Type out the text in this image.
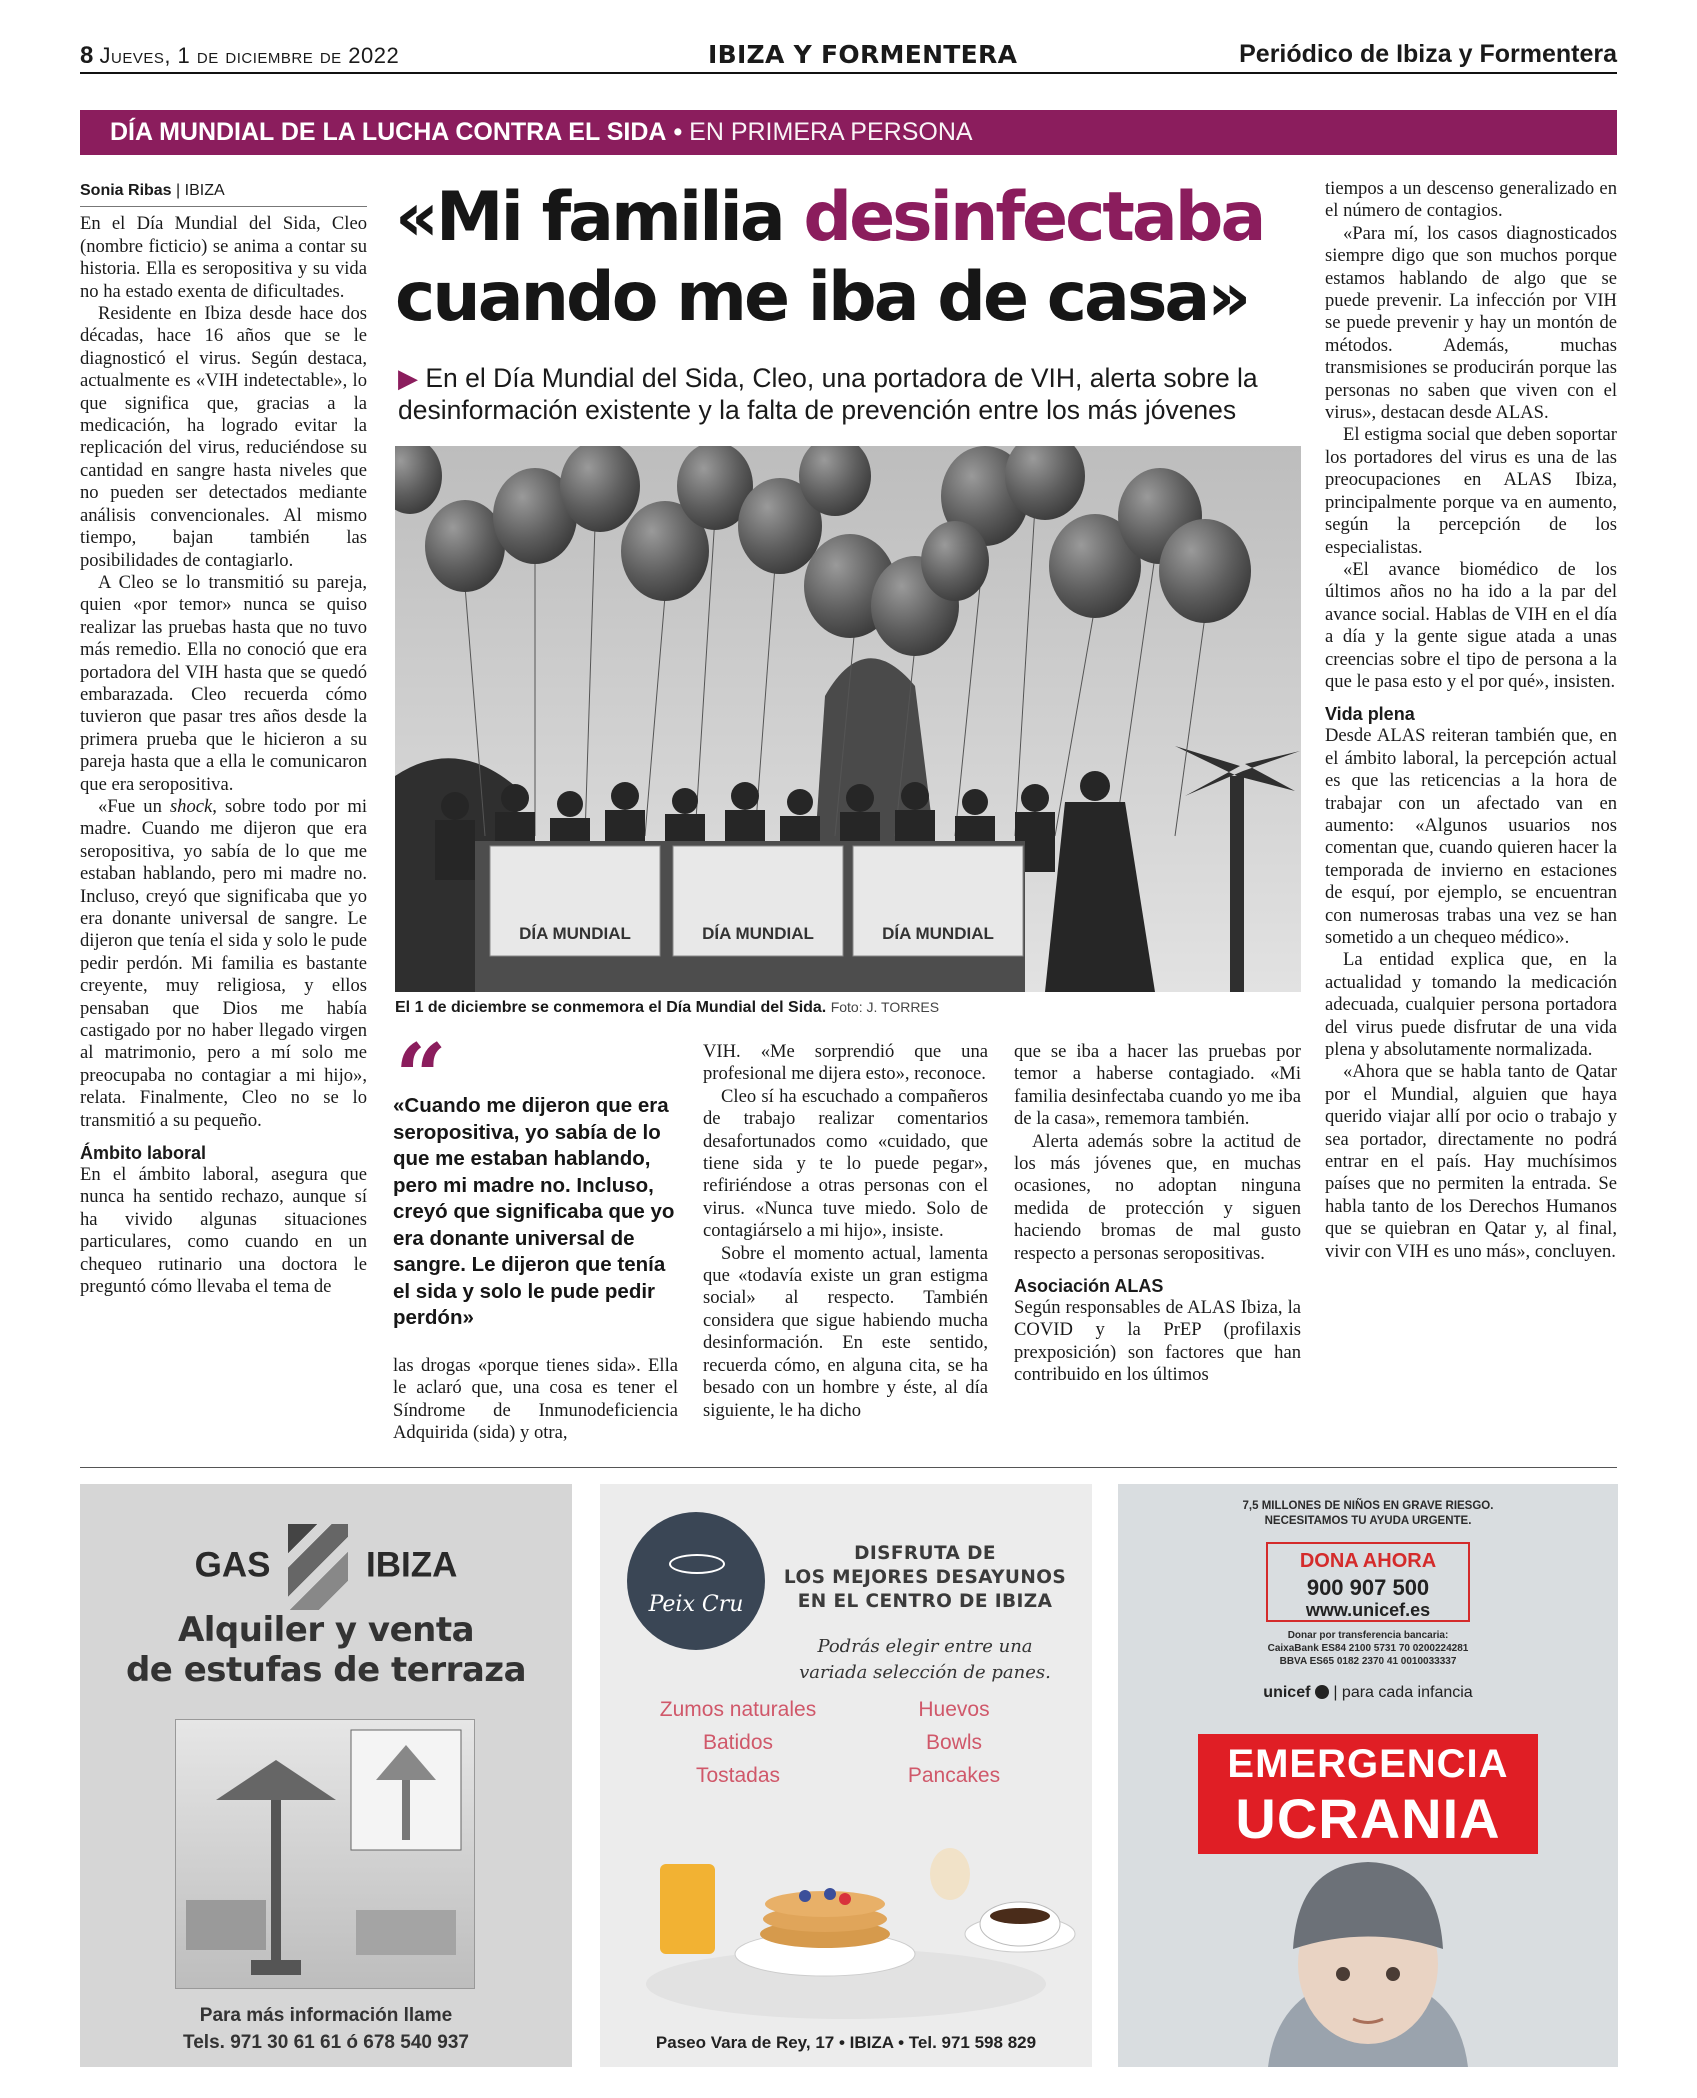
8 Jueves, 1 de diciembre de 2022	IBIZA Y FORMENTERA	Periódico de Ibiza y Formentera
DÍA MUNDIAL DE LA LUCHA CONTRA EL SIDA • EN PRIMERA PERSONA
Sonia Ribas | IBIZA

En el Día Mundial del Sida, Cleo (nombre ficticio) se anima a contar su historia. Ella es seropositiva y su vida no ha estado exenta de dificultades.

Residente en Ibiza desde hace dos décadas, hace 16 años que se le diagnosticó el virus. Según destaca, actualmente es «VIH indetectable», lo que significa que, gracias a la medicación, ha logrado evitar la replicación del virus, reduciéndose su cantidad en sangre hasta niveles que no pueden ser detectados mediante análisis convencionales. Al mismo tiempo, bajan también las posibilidades de contagiarlo.

A Cleo se lo transmitió su pareja, quien «por temor» nunca se quiso realizar las pruebas hasta que no tuvo más remedio. Ella no conoció que era portadora del VIH hasta que se quedó embarazada. Cleo recuerda cómo tuvieron que pasar tres años desde la primera prueba que le hicieron a su pareja hasta que a ella le comunicaron que era seropositiva.

«Fue un shock, sobre todo por mi madre. Cuando me dijeron que era seropositiva, yo sabía de lo que me estaban hablando, pero mi madre no. Incluso, creyó que significaba que yo era donante universal de sangre. Le dijeron que tenía el sida y solo le pude pedir perdón. Mi familia es bastante creyente, muy religiosa, y ellos pensaban que Dios me había castigado por no haber llegado virgen al matrimonio, pero a mí solo me preocupaba no contagiar a mi hijo», relata. Finalmente, Cleo no se lo transmitió a su pequeño.

Ámbito laboral

En el ámbito laboral, asegura que nunca ha sentido rechazo, aunque sí ha vivido algunas situaciones particulares, como cuando en un chequeo rutinario una doctora le preguntó cómo llevaba el tema de

«Mi familia desinfectaba
cuando me iba de casa»
▶ En el Día Mundial del Sida, Cleo, una portadora de VIH, alerta sobre la desinformación existente y la falta de prevención entre los más jóvenes
DÍA MUNDIAL	DÍA MUNDIAL	DÍA MUNDIAL
El 1 de diciembre se conmemora el Día Mundial del Sida. Foto: J. TORRES
“
«Cuando me dijeron que era seropositiva, yo sabía de lo que me estaban hablando, pero mi madre no. Incluso, creyó que significaba que yo era donante universal de sangre. Le dijeron que tenía el sida y solo le pude pedir perdón»

las drogas «porque tienes sida». Ella le aclaró que, una cosa es tener el Síndrome de Inmunodeficiencia Adquirida (sida) y otra,

VIH. «Me sorprendió que una profesional me dijera esto», reconoce.

Cleo sí ha escuchado a compañeros de trabajo realizar comentarios desafortunados como «cuidado, que tiene sida y te lo puede pegar», refiriéndose a otras personas con el virus. «Nunca tuve miedo. Solo de contagiárselo a mi hijo», insiste.

Sobre el momento actual, lamenta que «todavía existe un gran estigma social» al respecto. También considera que sigue habiendo mucha desinformación. En este sentido, recuerda cómo, en alguna cita, se ha besado con un hombre y éste, al día siguiente, le ha dicho

que se iba a hacer las pruebas por temor a haberse contagiado. «Mi familia desinfectaba cuando yo me iba de la casa», rememora también.

Alerta además sobre la actitud de los más jóvenes que, en muchas ocasiones, no adoptan ninguna medida de protección y siguen haciendo bromas de mal gusto respecto a personas seropositivas.

Asociación ALAS

Según responsables de ALAS Ibiza, la COVID y la PrEP (profilaxis prexposición) son factores que han contribuido en los últimos

tiempos a un descenso generalizado en el número de contagios.

«Para mí, los casos diagnosticados siempre digo que son muchos porque estamos hablando de algo que se puede prevenir. La infección por VIH se puede prevenir y hay un montón de métodos. Además, muchas transmisiones se producirán porque las personas no saben que viven con el virus», destacan desde ALAS.

El estigma social que deben soportar los portadores del virus es una de las preocupaciones en ALAS Ibiza, principalmente porque va en aumento, según la percepción de los especialistas.

«El avance biomédico de los últimos años no ha ido a la par del avance social. Hablas de VIH en el día a día y la gente sigue atada a unas creencias sobre el tipo de persona a la que le pasa esto y el por qué», insisten.

Vida plena

Desde ALAS reiteran también que, en el ámbito laboral, la percepción actual es que las reticencias a la hora de trabajar con un afectado van en aumento: «Algunos usuarios nos comentan que, cuando quieren hacer la temporada de invierno en estaciones de esquí, por ejemplo, se encuentran con numerosas trabas una vez se han sometido a un chequeo médico».

La entidad explica que, en la actualidad y tomando la medicación adecuada, cualquier persona portadora del virus puede disfrutar de una vida plena y absolutamente normalizada.

«Ahora que se habla tanto de Qatar por el Mundial, alguien que haya querido viajar allí por ocio o trabajo y sea portador, directamente no podrá entrar en el país. Hay muchísimos países que no permiten la entrada. Se habla tanto de los Derechos Humanos que se quiebran en Qatar y, al final, vivir con VIH es uno más», concluyen.

GAS	IBIZA
Alquiler y venta
de estufas de terraza
Para más información llame
Tels. 971 30 61 61 ó 678 540 937
Peix Cru
DISFRUTA DE
LOS MEJORES DESAYUNOS
EN EL CENTRO DE IBIZA
Podrás elegir entre una
variada selección de panes.
Zumos naturales	Huevos
Batidos	Bowls
Tostadas	Pancakes
Paseo Vara de Rey, 17 • IBIZA • Tel. 971 598 829
7,5 MILLONES DE NIÑOS EN GRAVE RIESGO.
NECESITAMOS TU AYUDA URGENTE.
DONA AHORA
900 907 500
www.unicef.es
Donar por transferencia bancaria:
CaixaBank ES84 2100 5731 70 0200224281
BBVA ES65 0182 2370 41 0010033337
unicef | para cada infancia
EMERGENCIA
UCRANIA
